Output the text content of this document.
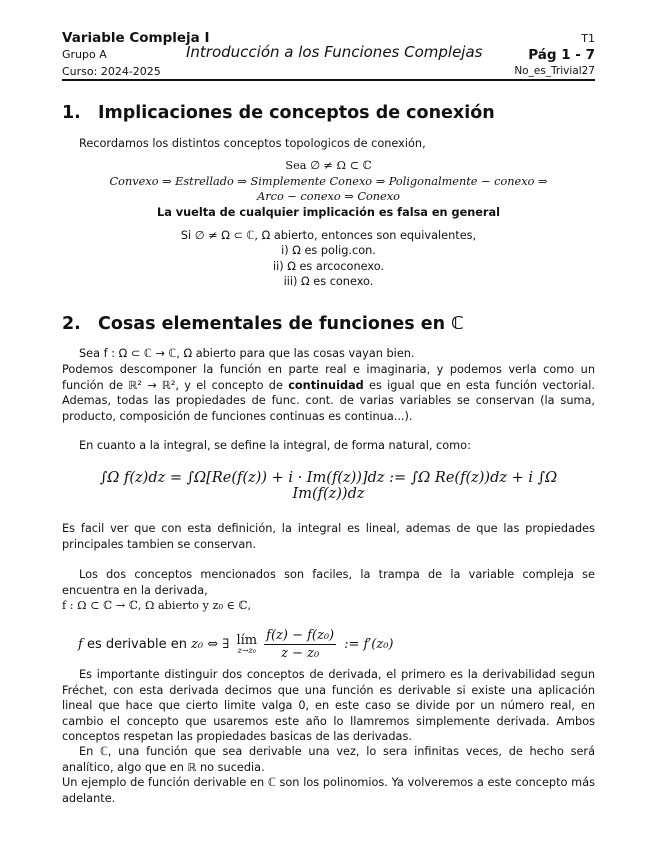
Variable Compleja I
Grupo A
Curso: 2024-2025
Introducción a los Funciones Complejas
T1
Pág 1 - 7
No_es_Trivial27
1. Implicaciones de conceptos de conexión

Recordamos los distintos conceptos topologicos de conexión,

Sea ∅ ≠ Ω ⊂ ℂ

Convexo ⇒ Estrellado ⇒ Simplemente Conexo ⇒ Poligonalmente − conexo ⇒

Arco − conexo ⇒ Conexo

La vuelta de cualquier implicación es falsa en general

Si ∅ ≠ Ω ⊂ ℂ, Ω abierto, entonces son equivalentes,

i) Ω es polig.con.

ii) Ω es arcoconexo.

iii) Ω es conexo.

2. Cosas elementales de funciones en ℂ

Sea f : Ω ⊂ ℂ → ℂ, Ω abierto para que las cosas vayan bien.

Podemos descomponer la función en parte real e imaginaria, y podemos verla como un función de ℝ² → ℝ², y el concepto de continuidad es igual que en esta función vectorial. Ademas, todas las propiedades de func. cont. de varias variables se conservan (la suma, producto, composición de funciones continuas es continua...).

En cuanto a la integral, se define la integral, de forma natural, como:

∫Ω f(z)dz = ∫Ω[Re(f(z)) + i · Im(f(z))]dz := ∫Ω Re(f(z))dz + i ∫Ω Im(f(z))dz

Es facil ver que con esta definición, la integral es lineal, ademas de que las propiedades principales tambien se conservan.

Los dos conceptos mencionados son faciles, la trampa de la variable compleja se encuentra en la derivada,

f : Ω ⊂ ℂ → ℂ, Ω abierto y z₀ ∈ ℂ,

f es derivable en z₀ ⇔ ∃ lím
$z\to z_0 \frac{\text{f(z) − f(z₀)}}{\text{z − z₀}}$ := f′(z₀)

Es importante distinguir dos conceptos de derivada, el primero es la derivabilidad segun Fréchet, con esta derivada decimos que una función es derivable si existe una aplicación lineal que hace que cierto limite valga 0, en este caso se divide por un número real, en cambio el concepto que usaremos este año lo llamremos simplemente derivada. Ambos conceptos respetan las propiedades basicas de las derivadas.

En ℂ, una función que sea derivable una vez, lo sera infinitas veces, de hecho será analítico, algo que en ℝ no sucedia.

Un ejemplo de función derivable en ℂ son los polinomios. Ya volveremos a este concepto más adelante.
